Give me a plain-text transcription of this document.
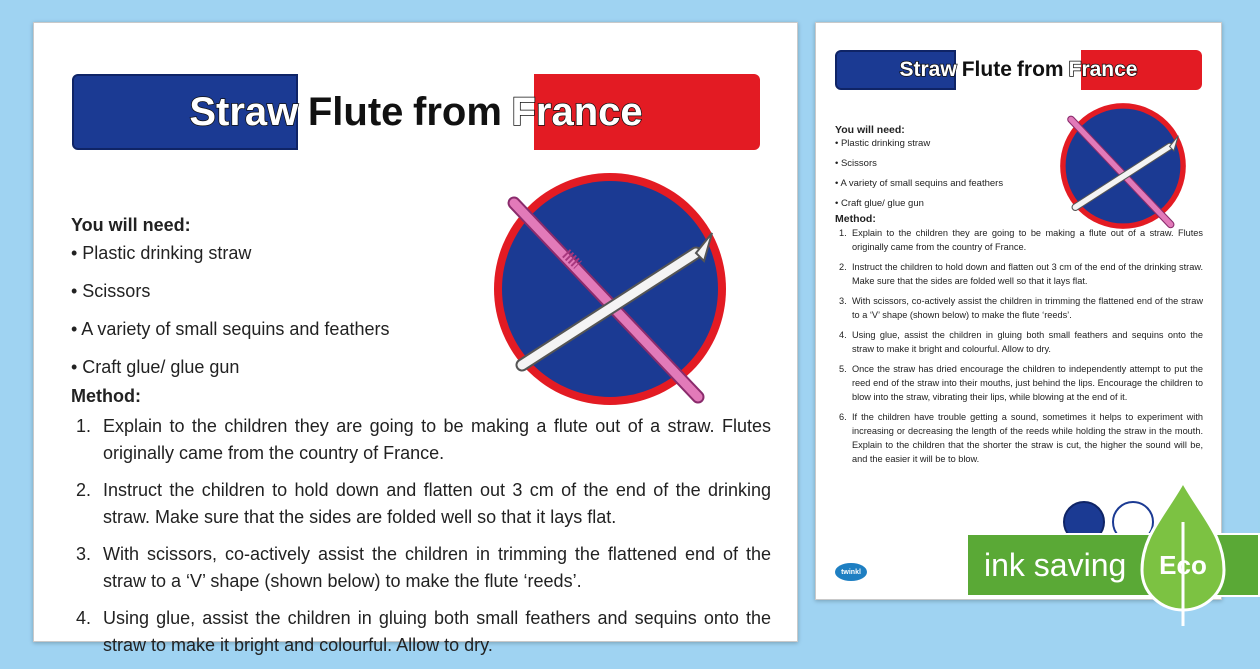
Straw Flute from France
You will need:
• Plastic drinking straw
• Scissors
• A variety of small sequins and feathers
• Craft glue/ glue gun
Method:
1. Explain to the children they are going to be making a flute out of a straw. Flutes originally came from the country of France.
2. Instruct the children to hold down and flatten out 3 cm of the end of the drinking straw. Make sure that the sides are folded well so that it lays flat.
3. With scissors, co-actively assist the children in trimming the flattened end of the straw to a ‘V’ shape (shown below) to make the flute ‘reeds’.
4. Using glue, assist the children in gluing both small feathers and sequins onto the straw to make it bright and colourful. Allow to dry.
Straw Flute from France
You will need:
• Plastic drinking straw
• Scissors
• A variety of small sequins and feathers
• Craft glue/ glue gun
Method:
1. Explain to the children they are going to be making a flute out of a straw. Flutes originally came from the country of France.
2. Instruct the children to hold down and flatten out 3 cm of the end of the drinking straw. Make sure that the sides are folded well so that it lays flat.
3. With scissors, co-actively assist the children in trimming the flattened end of the straw to a ‘V’ shape (shown below) to make the flute ‘reeds’.
4. Using glue, assist the children in gluing both small feathers and sequins onto the straw to make it bright and colourful. Allow to dry.
5. Once the straw has dried encourage the children to independently attempt to put the reed end of the straw into their mouths, just behind the lips. Encourage the children to blow into the straw, vibrating their lips, while blowing at the end of it.
6. If the children have trouble getting a sound, sometimes it helps to experiment with increasing or decreasing the length of the reeds while holding the straw in the mouth. Explain to the children that the shorter the straw is cut, the higher the sound will be, and the easier it will be to blow.
twinkl	ink saving Eco
